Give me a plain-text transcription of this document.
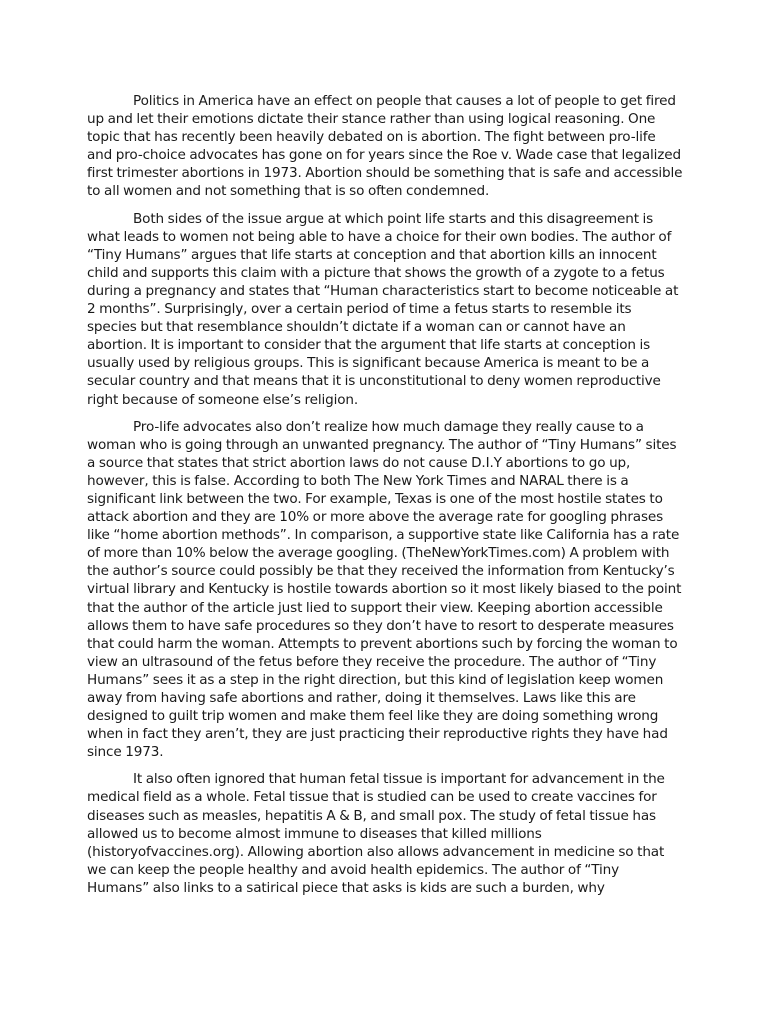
Politics in America have an effect on people that causes a lot of people to get fired up and let their emotions dictate their stance rather than using logical reasoning. One topic that has recently been heavily debated on is abortion. The fight between pro-life and pro-choice advocates has gone on for years since the Roe v. Wade case that legalized first trimester abortions in 1973. Abortion should be something that is safe and accessible to all women and not something that is so often condemned.

Both sides of the issue argue at which point life starts and this disagreement is what leads to women not being able to have a choice for their own bodies. The author of “Tiny Humans” argues that life starts at conception and that abortion kills an innocent child and supports this claim with a picture that shows the growth of a zygote to a fetus during a pregnancy and states that “Human characteristics start to become noticeable at 2 months”. Surprisingly, over a certain period of time a fetus starts to resemble its species but that resemblance shouldn’t dictate if a woman can or cannot have an abortion. It is important to consider that the argument that life starts at conception is usually used by religious groups. This is significant because America is meant to be a secular country and that means that it is unconstitutional to deny women reproductive right because of someone else’s religion.

Pro-life advocates also don’t realize how much damage they really cause to a woman who is going through an unwanted pregnancy. The author of “Tiny Humans” sites a source that states that strict abortion laws do not cause D.I.Y abortions to go up, however, this is false. According to both The New York Times and NARAL there is a significant link between the two. For example, Texas is one of the most hostile states to attack abortion and they are 10% or more above the average rate for googling phrases like “home abortion methods”. In comparison, a supportive state like California has a rate of more than 10% below the average googling. (TheNewYorkTimes.com) A problem with the author’s source could possibly be that they received the information from Kentucky’s virtual library and Kentucky is hostile towards abortion so it most likely biased to the point that the author of the article just lied to support their view. Keeping abortion accessible allows them to have safe procedures so they don’t have to resort to desperate measures that could harm the woman. Attempts to prevent abortions such by forcing the woman to view an ultrasound of the fetus before they receive the procedure. The author of “Tiny Humans” sees it as a step in the right direction, but this kind of legislation keep women away from having safe abortions and rather, doing it themselves. Laws like this are designed to guilt trip women and make them feel like they are doing something wrong when in fact they aren’t, they are just practicing their reproductive rights they have had since 1973.

It also often ignored that human fetal tissue is important for advancement in the medical field as a whole. Fetal tissue that is studied can be used to create vaccines for diseases such as measles, hepatitis A & B, and small pox. The study of fetal tissue has allowed us to become almost immune to diseases that killed millions (historyofvaccines.org). Allowing abortion also allows advancement in medicine so that we can keep the people healthy and avoid health epidemics. The author of “Tiny Humans” also links to a satirical piece that asks is kids are such a burden, why
